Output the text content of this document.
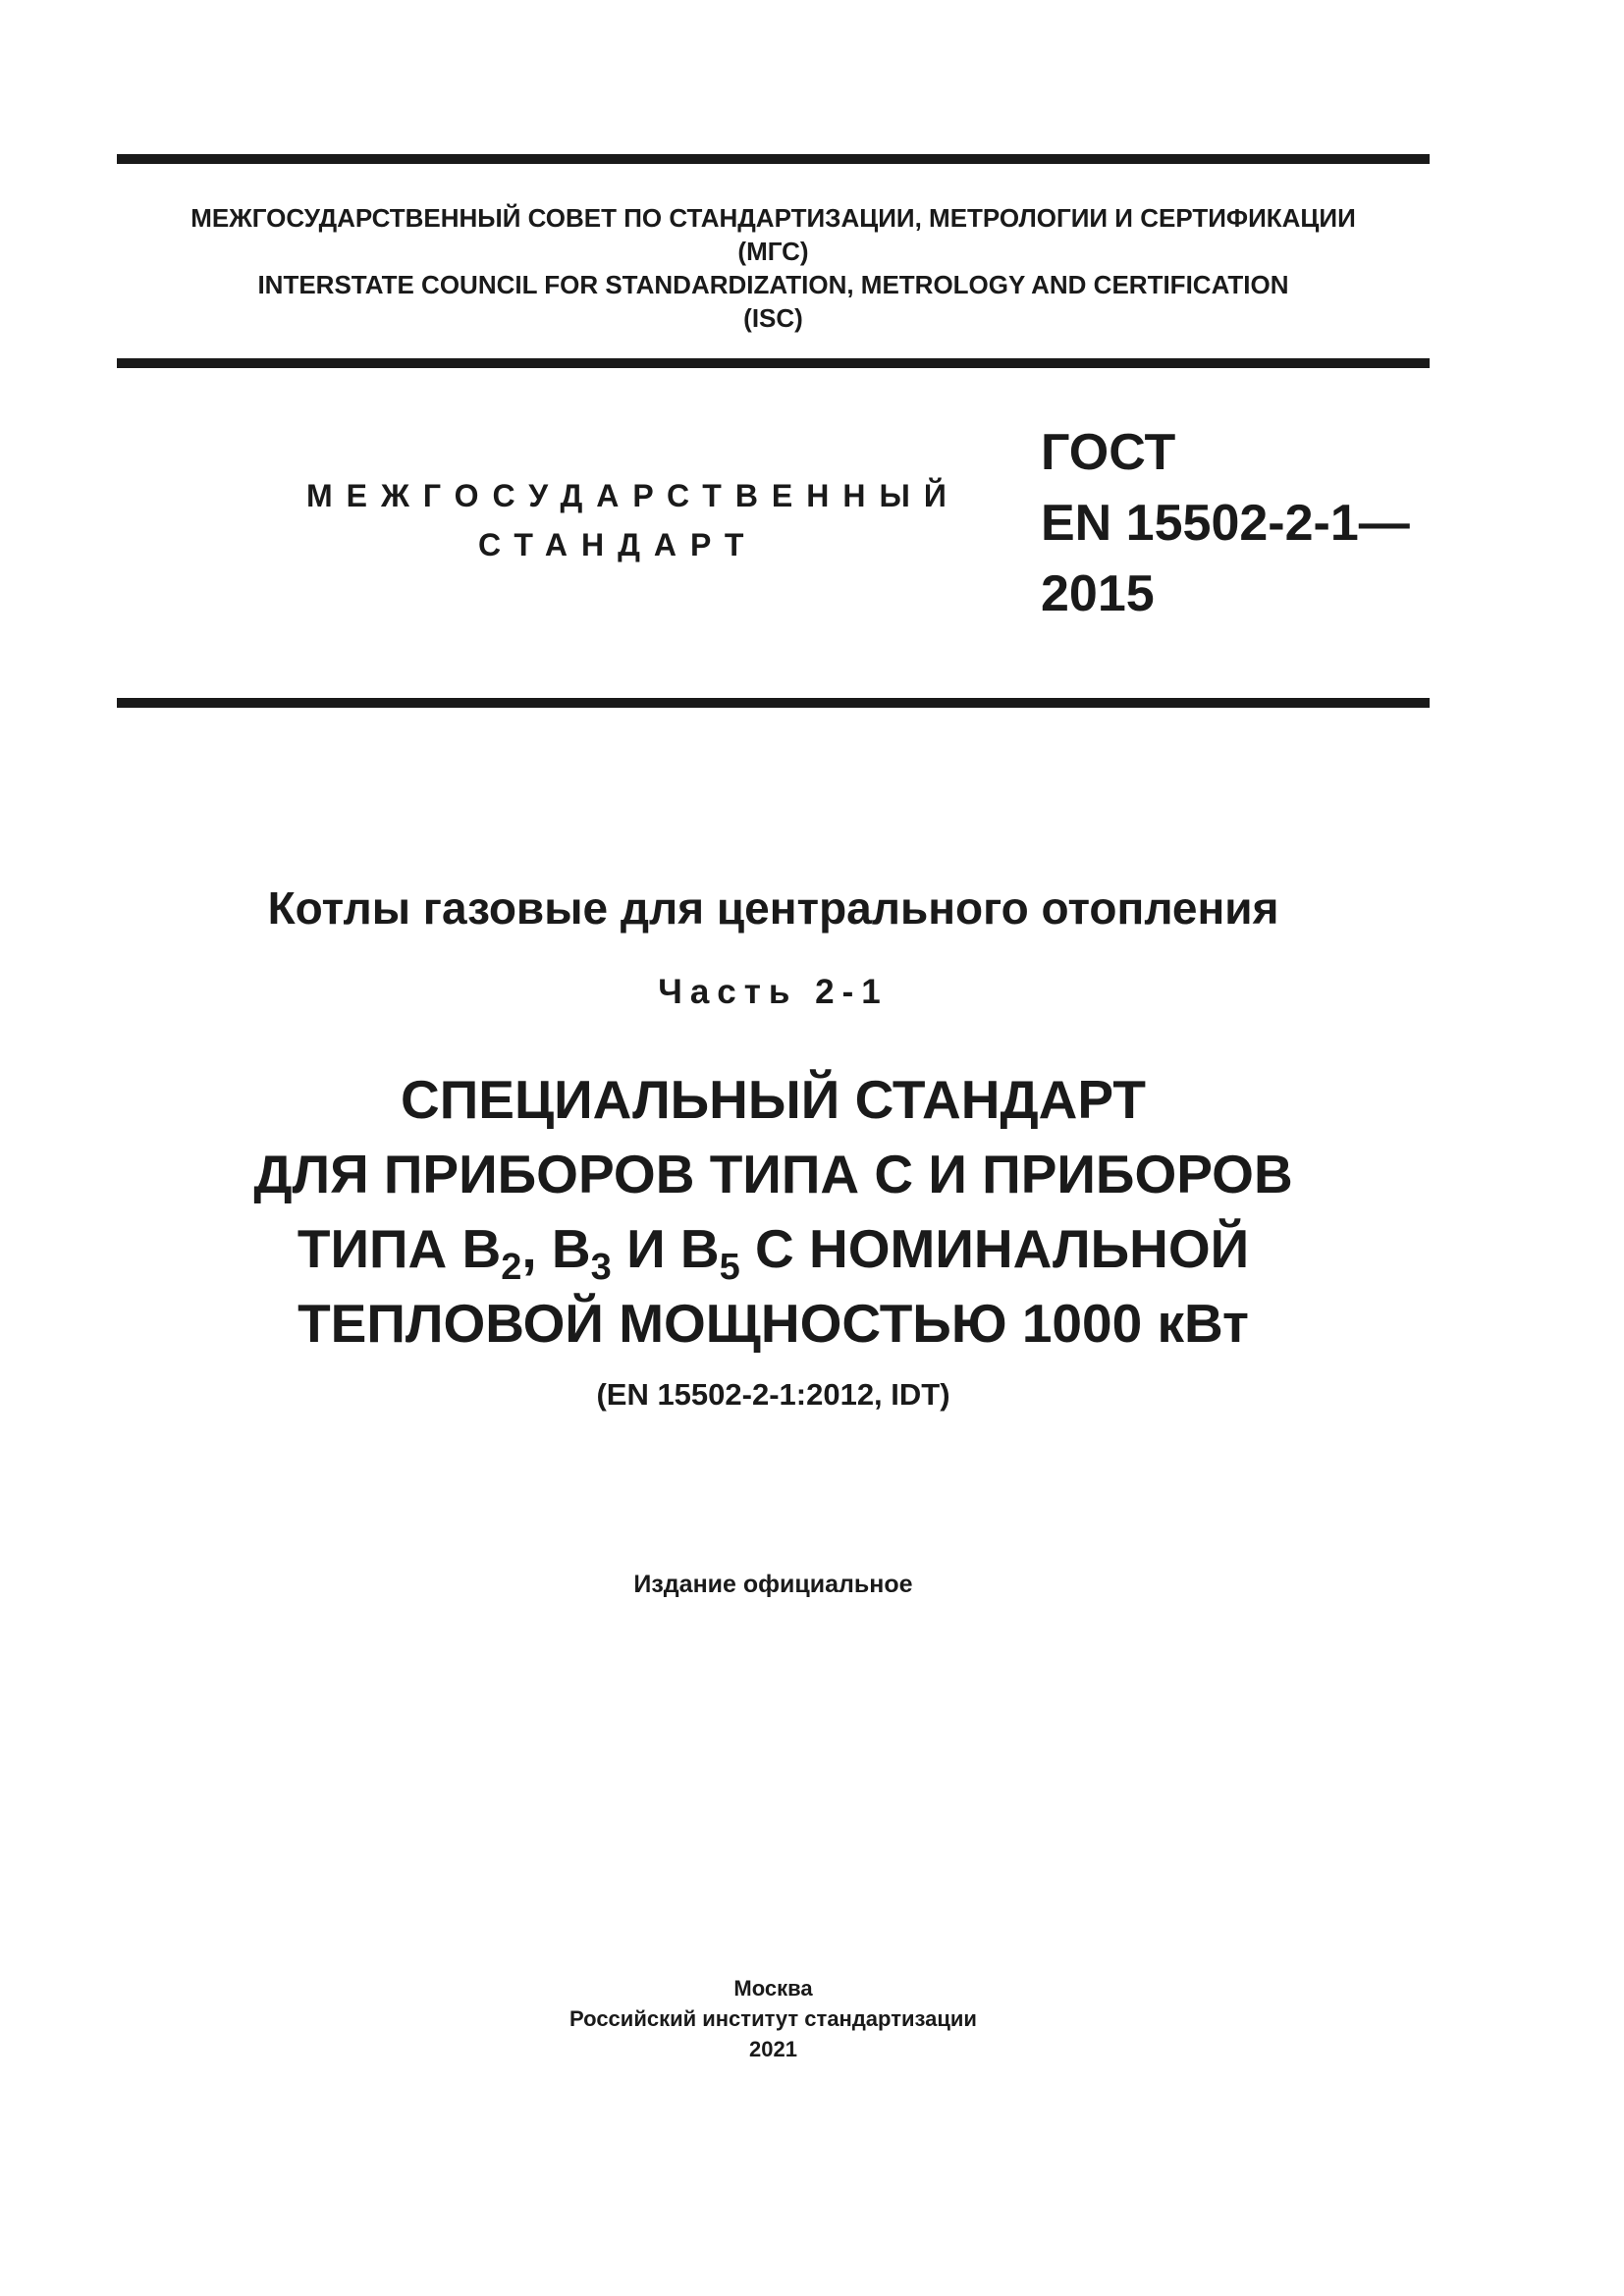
МЕЖГОСУДАРСТВЕННЫЙ СОВЕТ ПО СТАНДАРТИЗАЦИИ, МЕТРОЛОГИИ И СЕРТИФИКАЦИИ
(МГС)
INTERSTATE COUNCIL FOR STANDARDIZATION, METROLOGY AND CERTIFICATION
(ISC)
МЕЖГОСУДАРСТВЕННЫЙ
СТАНДАРТ
ГОСТ
EN 15502-2-1—
2015
Котлы газовые для центрального отопления
Часть 2-1
СПЕЦИАЛЬНЫЙ СТАНДАРТ
ДЛЯ ПРИБОРОВ ТИПА С И ПРИБОРОВ
ТИПА $В_2$, $В_3$ И $В_5$ С НОМИНАЛЬНОЙ
ТЕПЛОВОЙ МОЩНОСТЬЮ 1000 кВт
(EN 15502-2-1:2012, IDT)
Издание официальное
Москва
Российский институт стандартизации
2021
